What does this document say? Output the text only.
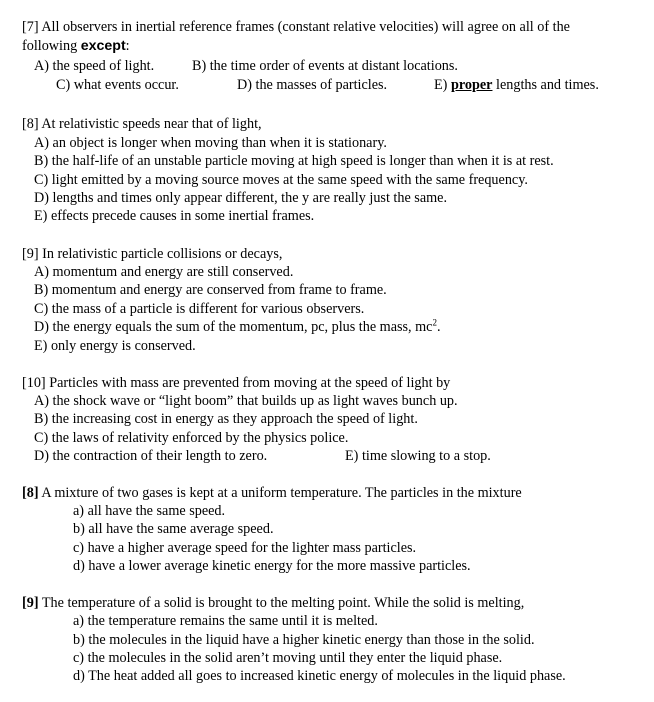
[7] All observers in inertial reference frames (constant relative velocities) will agree on all of the
following except:
A) the speed of light.	B) the time order of events at distant locations.
C) what events occur.	D) the masses of particles.	E) proper lengths and times.
[8] At relativistic speeds near that of light,
A) an object is longer when moving than when it is stationary.
B) the half-life of an unstable particle moving at high speed is longer than when it is at rest.
C) light emitted by a moving source moves at the same speed with the same frequency.
D) lengths and times only appear different, the y are really just the same.
E) effects precede causes in some inertial frames.
[9] In relativistic particle collisions or decays,
A) momentum and energy are still conserved.
B) momentum and energy are conserved from frame to frame.
C) the mass of a particle is different for various observers.
D) the energy equals the sum of the momentum, pc, plus the mass, $mc^2$.
E) only energy is conserved.
[10] Particles with mass are prevented from moving at the speed of light by
A) the shock wave or “light boom” that builds up as light waves bunch up.
B) the increasing cost in energy as they approach the speed of light.
C) the laws of relativity enforced by the physics police.
D) the contraction of their length to zero.	E) time slowing to a stop.
[8] A mixture of two gases is kept at a uniform temperature. The particles in the mixture
a) all have the same speed.
b) all have the same average speed.
c) have a higher average speed for the lighter mass particles.
d) have a lower average kinetic energy for the more massive particles.
[9] The temperature of a solid is brought to the melting point. While the solid is melting,
a) the temperature remains the same until it is melted.
b) the molecules in the liquid have a higher kinetic energy than those in the solid.
c) the molecules in the solid aren’t moving until they enter the liquid phase.
d) The heat added all goes to increased kinetic energy of molecules in the liquid phase.
